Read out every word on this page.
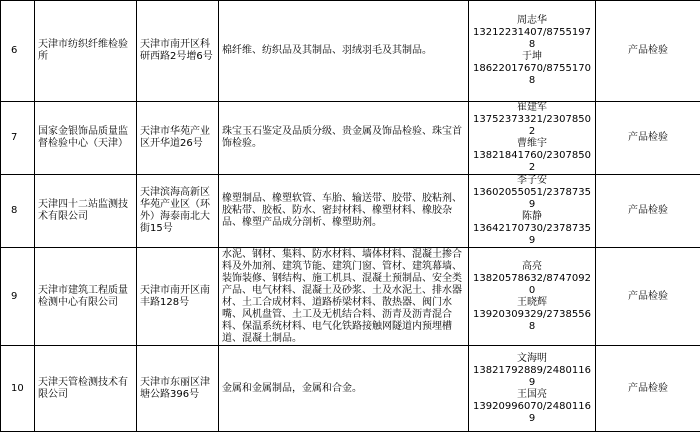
6	天津市纺织纤维检验所	天津市南开区科研西路2号增6号	棉纤维、纺织品及其制品、羽绒羽毛及其制品。	周志华
13212231407/87551978
于坤
18622017670/87551708	产品检验
7	国家金银饰品质量监督检验中心（天津）	天津市华苑产业区开华道26号	珠宝玉石鉴定及品质分级、贵金属及饰品检验、珠宝首饰检验。	崔建军
13752373321/23078502
曹维宇
13821841760/23078502	产品检验
8	天津四十二站监测技术有限公司	天津滨海高新区华苑产业区（环外）海泰南北大街15号	橡塑制品、橡塑软管、车胎、输送带、胶带、胶粘剂、胶粘带、胶板、防水、密封材料、橡塑材料、橡胶杂品、橡塑产品成分剖析、橡塑助剂。	李子安
13602055051/23787359
陈静
13642170730/23787359	产品检验
9	天津市建筑工程质量检测中心有限公司	天津市南开区南丰路128号	水泥、钢材、集料、防水材料、墙体材料、混凝土掺合料及外加剂、建筑节能、建筑门窗、管材、建筑幕墙、装饰装修、钢结构、施工机具、混凝土预制品、安全类产品、电气材料、混凝土及砂浆、土及水泥土、排水器材、土工合成材料、道路桥梁材料、散热器、阀门水嘴、风机盘管、土工及无机结合料、沥青及沥青混合料、保温系统材料、电气化铁路接触网隧道内预埋槽道、混凝土制品。	高亮
13820578632/87470920
王晓辉
13920309329/27385568	产品检验
10	天津天管检测技术有限公司	天津市东丽区津塘公路396号	金属和金属制品，金属和合金。	文海明
13821792889/24801169
王国亮
13920996070/24801169	产品检验
